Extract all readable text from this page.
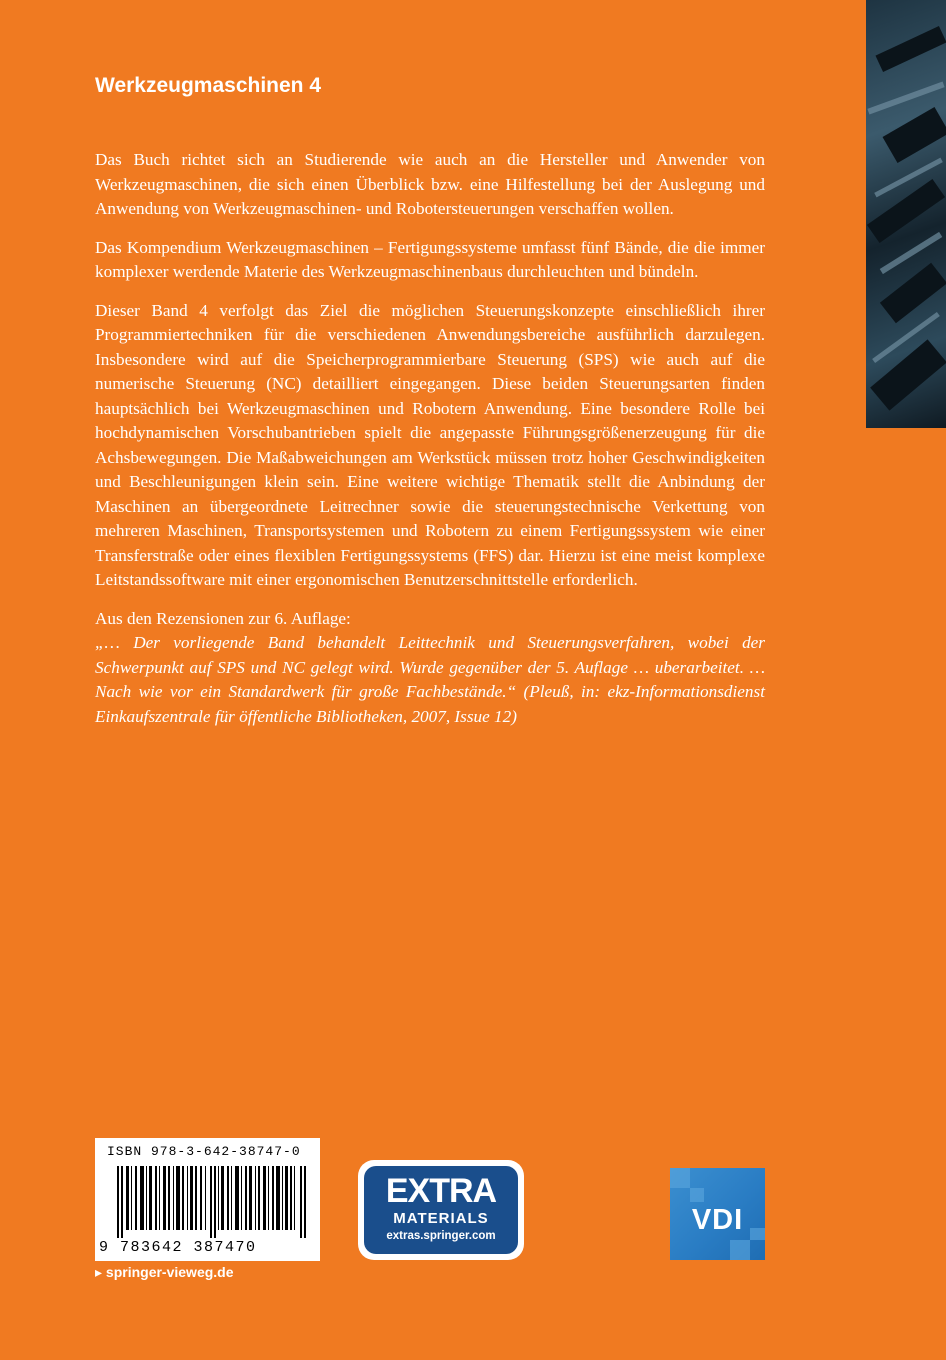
Werkzeugmaschinen 4

Das Buch richtet sich an Studierende wie auch an die Hersteller und Anwender von Werkzeugmaschinen, die sich einen Überblick bzw. eine Hilfestellung bei der Auslegung und Anwendung von Werkzeugmaschinen- und Robotersteuerungen verschaffen wollen.

Das Kompendium Werkzeugmaschinen – Fertigungssysteme umfasst fünf Bände, die die immer komplexer werdende Materie des Werkzeugmaschinenbaus durchleuchten und bündeln.

Dieser Band 4 verfolgt das Ziel die möglichen Steuerungskonzepte einschließlich ihrer Programmiertechniken für die verschiedenen Anwendungsbereiche ausführlich darzulegen. Insbesondere wird auf die Speicherprogrammierbare Steuerung (SPS) wie auch auf die numerische Steuerung (NC) detailliert eingegangen. Diese beiden Steuerungsarten finden hauptsächlich bei Werkzeugmaschinen und Robotern Anwendung. Eine besondere Rolle bei hochdynamischen Vorschubantrieben spielt die angepasste Führungsgrößenerzeugung für die Achsbewegungen. Die Maßabweichungen am Werkstück müssen trotz hoher Geschwindigkeiten und Beschleunigungen klein sein. Eine weitere wichtige Thematik stellt die Anbindung der Maschinen an übergeordnete Leitrechner sowie die steuerungstechnische Verkettung von mehreren Maschinen, Transportsystemen und Robotern zu einem Fertigungssystem wie einer Transferstraße oder eines flexiblen Fertigungssystems (FFS) dar. Hierzu ist eine meist komplexe Leitstandssoftware mit einer ergonomischen Benutzerschnittstelle erforderlich.

Aus den Rezensionen zur 6. Auflage:

„… Der vorliegende Band behandelt Leittechnik und Steuerungsverfahren, wobei der Schwerpunkt auf SPS und NC gelegt wird. Wurde gegenüber der 5. Auflage … uberarbeitet. … Nach wie vor ein Standardwerk für große Fachbestände.“ (Pleuß, in: ekz-Informationsdienst Einkaufszentrale für öffentliche Bibliotheken, 2007, Issue 12)

ISBN 978-3-642-38747-0
9 783642 387470
▸ springer-vieweg.de
EXTRA
MATERIALS
extras.springer.com	VDI
